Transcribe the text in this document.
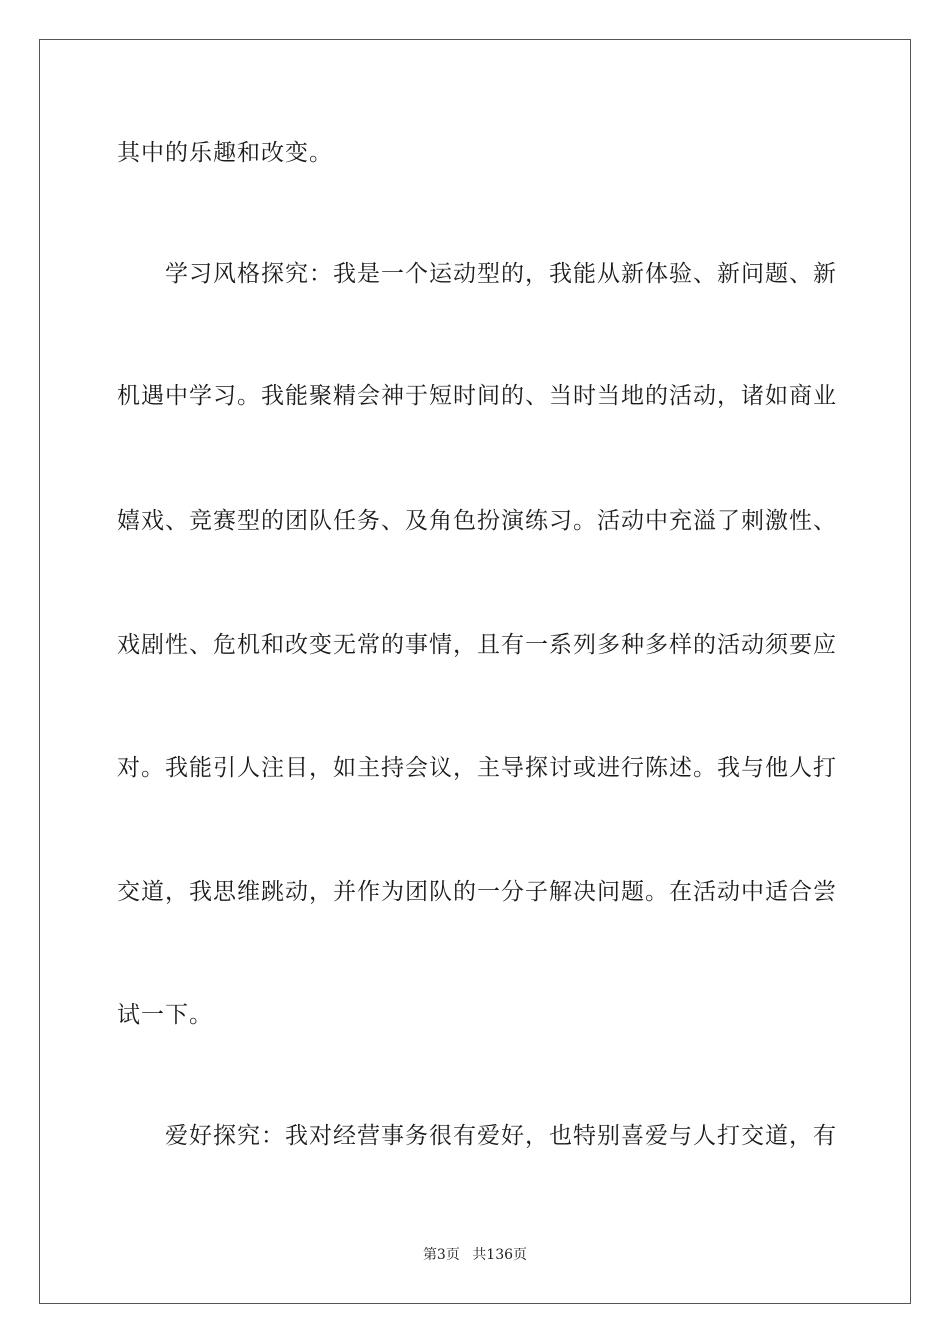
其中的乐趣和改变。
学习风格探究：我是一个运动型的，我能从新体验、新问题、新
机遇中学习。我能聚精会神于短时间的、当时当地的活动，诸如商业
嬉戏、竞赛型的团队任务、及角色扮演练习。活动中充溢了刺激性、
戏剧性、危机和改变无常的事情，且有一系列多种多样的活动须要应
对。我能引人注目，如主持会议，主导探讨或进行陈述。我与他人打
交道，我思维跳动，并作为团队的一分子解决问题。在活动中适合尝
试一下。
爱好探究：我对经营事务很有爱好，也特别喜爱与人打交道，有
第3页 共136页
